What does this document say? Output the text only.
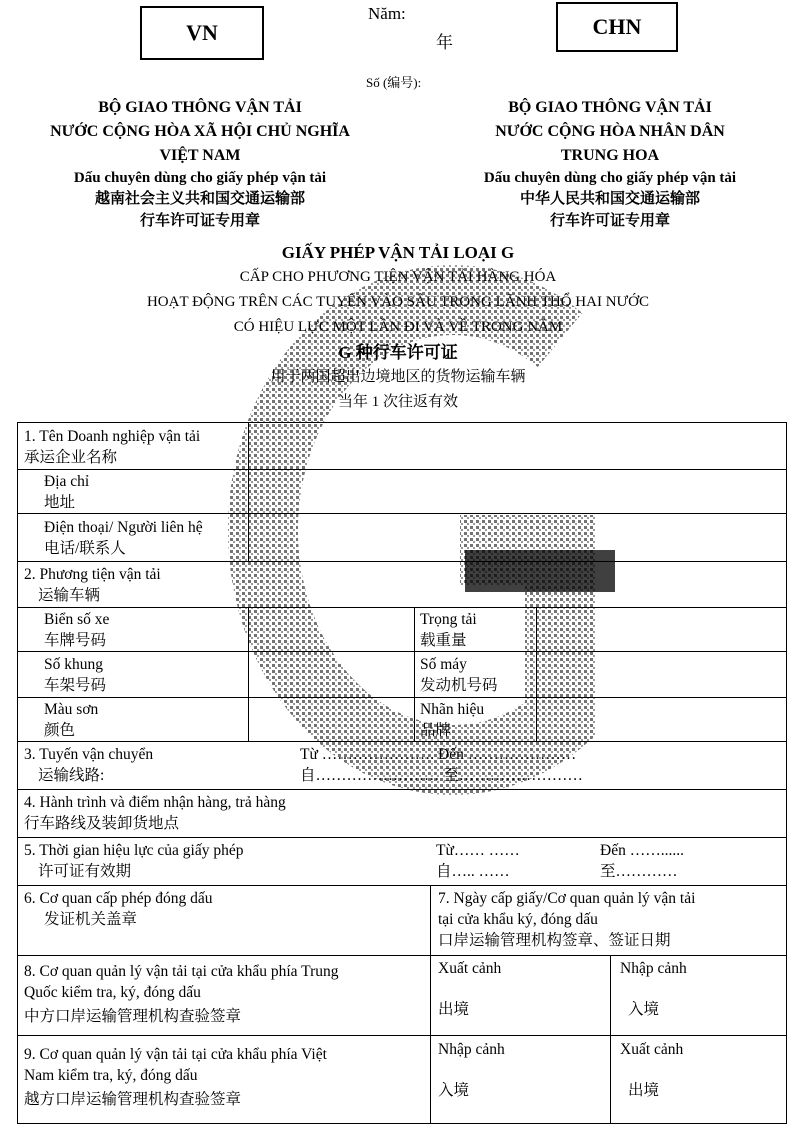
VN	CHN
Năm:
年
Số (编号):
BỘ GIAO THÔNG VẬN TẢI
NƯỚC CỘNG HÒA XÃ HỘI CHỦ NGHĨA
VIỆT NAM
Dấu chuyên dùng cho giấy phép vận tải
越南社会主义共和国交通运输部
行车许可证专用章
BỘ GIAO THÔNG VẬN TẢI
NƯỚC CỘNG HÒA NHÂN DÂN
TRUNG HOA
Dấu chuyên dùng cho giấy phép vận tải
中华人民共和国交通运输部
行车许可证专用章
GIẤY PHÉP VẬN TẢI LOẠI G
CẤP CHO PHƯƠNG TIỆN VẬN TẢI HÀNG HÓA
HOẠT ĐỘNG TRÊN CÁC TUYẾN VÀO SÂU TRONG LÃNH THỔ HAI NƯỚC
CÓ HIỆU LỰC MỘT LẦN ĐI VÀ VỀ TRONG NĂM
G 种行车许可证
用于两国超出边境地区的货物运输车辆
当年 1 次往返有效
1. Tên Doanh nghiệp vận tải
承运企业名称
Địa chỉ
地址
Điện thoại/ Người liên hệ
电话/联系人
2. Phương tiện vận tải
运输车辆
Biển số xe
车牌号码
Trọng tải
载重量
Số khung
车架号码
Số máy
发动机号码
Màu sơn
颜色
Nhãn hiệu
品牌
3. Tuyến vận chuyển
运输线路:
Từ …………………. Đến …………………
自…………………… 至……………………
4. Hành trình và điểm nhận hàng, trả hàng
行车路线及装卸货地点
5. Thời gian hiệu lực của giấy phép
许可证有效期
Từ…… ……
自….. ……
Đến ……......
至…………
6. Cơ quan cấp phép đóng dấu
发证机关盖章
7. Ngày cấp giấy/Cơ quan quản lý vận tải
tại cửa khẩu ký, đóng dấu
口岸运输管理机构签章、签证日期
8. Cơ quan quản lý vận tải tại cửa khẩu phía Trung
Quốc kiểm tra, ký, đóng dấu
中方口岸运输管理机构查验签章
Xuất cảnh
出境
Nhập cảnh
入境
9. Cơ quan quản lý vận tải tại cửa khẩu phía Việt
Nam kiểm tra, ký, đóng dấu
越方口岸运输管理机构查验签章
Nhập cảnh
入境
Xuất cảnh
出境
G
